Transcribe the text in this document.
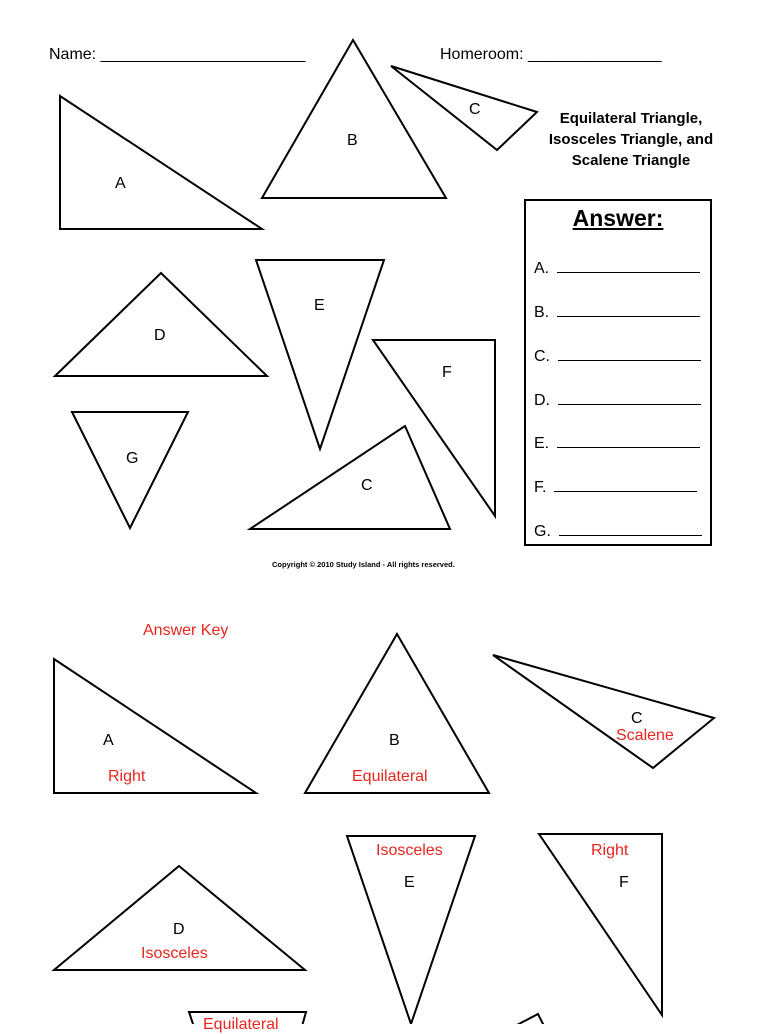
Name: _______________________	Homeroom: _______________
Equilateral Triangle,
Isosceles Triangle, and
Scalene Triangle
A
B
C
D
E
F
G
C
Answer:
A.
B.
C.
D.
E.
F.
G.
Copyright © 2010 Study Island - All rights reserved.
Answer Key
A
Right
B
Equilateral
C
Scalene
D
Isosceles
Isosceles
E
Right
F
Equilateral
